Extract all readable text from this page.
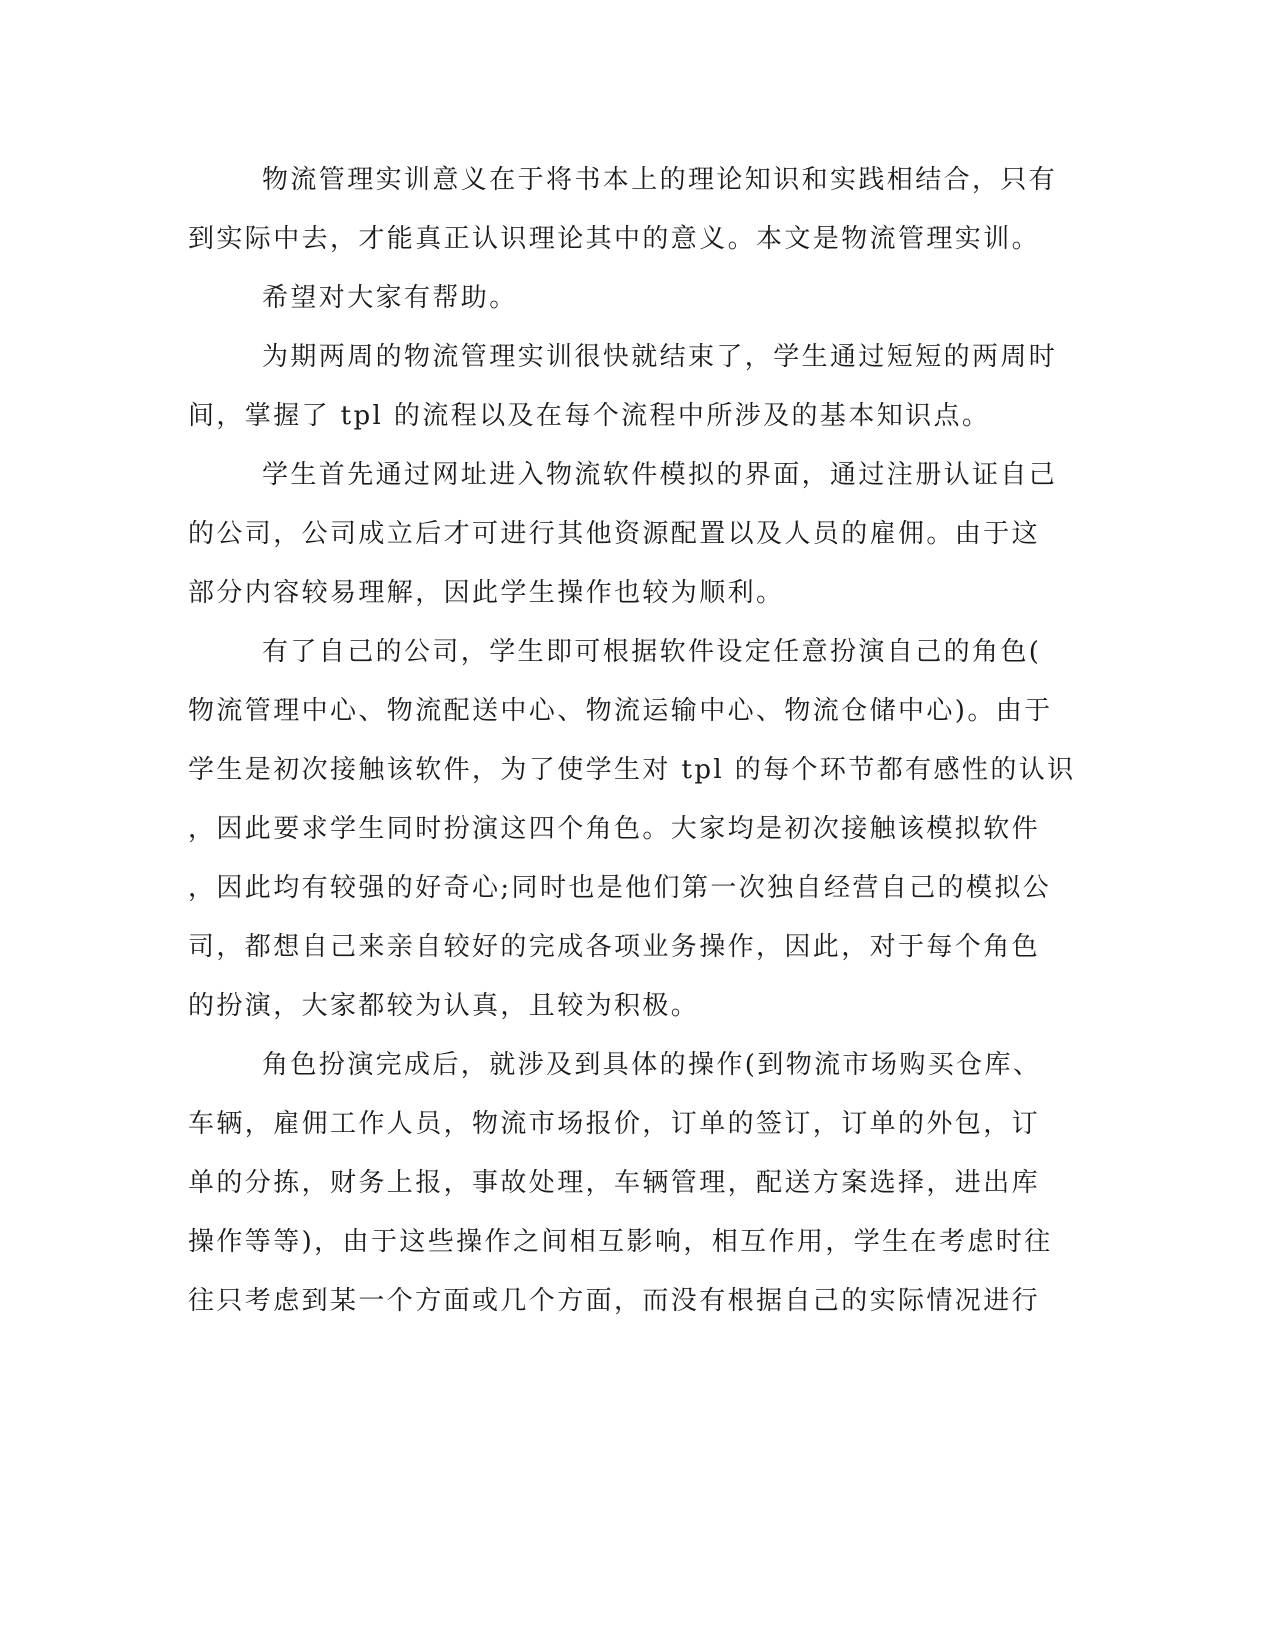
物流管理实训意义在于将书本上的理论知识和实践相结合，只有

到实际中去，才能真正认识理论其中的意义。本文是物流管理实训。

希望对大家有帮助。

为期两周的物流管理实训很快就结束了，学生通过短短的两周时

间，掌握了 tpl 的流程以及在每个流程中所涉及的基本知识点。

学生首先通过网址进入物流软件模拟的界面，通过注册认证自己

的公司，公司成立后才可进行其他资源配置以及人员的雇佣。由于这

部分内容较易理解，因此学生操作也较为顺利。

有了自己的公司，学生即可根据软件设定任意扮演自己的角色(

物流管理中心、物流配送中心、物流运输中心、物流仓储中心)。由于

学生是初次接触该软件，为了使学生对 tpl 的每个环节都有感性的认识

，因此要求学生同时扮演这四个角色。大家均是初次接触该模拟软件

，因此均有较强的好奇心;同时也是他们第一次独自经营自己的模拟公

司，都想自己来亲自较好的完成各项业务操作，因此，对于每个角色

的扮演，大家都较为认真，且较为积极。

角色扮演完成后，就涉及到具体的操作(到物流市场购买仓库、

车辆，雇佣工作人员，物流市场报价，订单的签订，订单的外包，订

单的分拣，财务上报，事故处理，车辆管理，配送方案选择，进出库

操作等等)，由于这些操作之间相互影响，相互作用，学生在考虑时往

往只考虑到某一个方面或几个方面，而没有根据自己的实际情况进行
